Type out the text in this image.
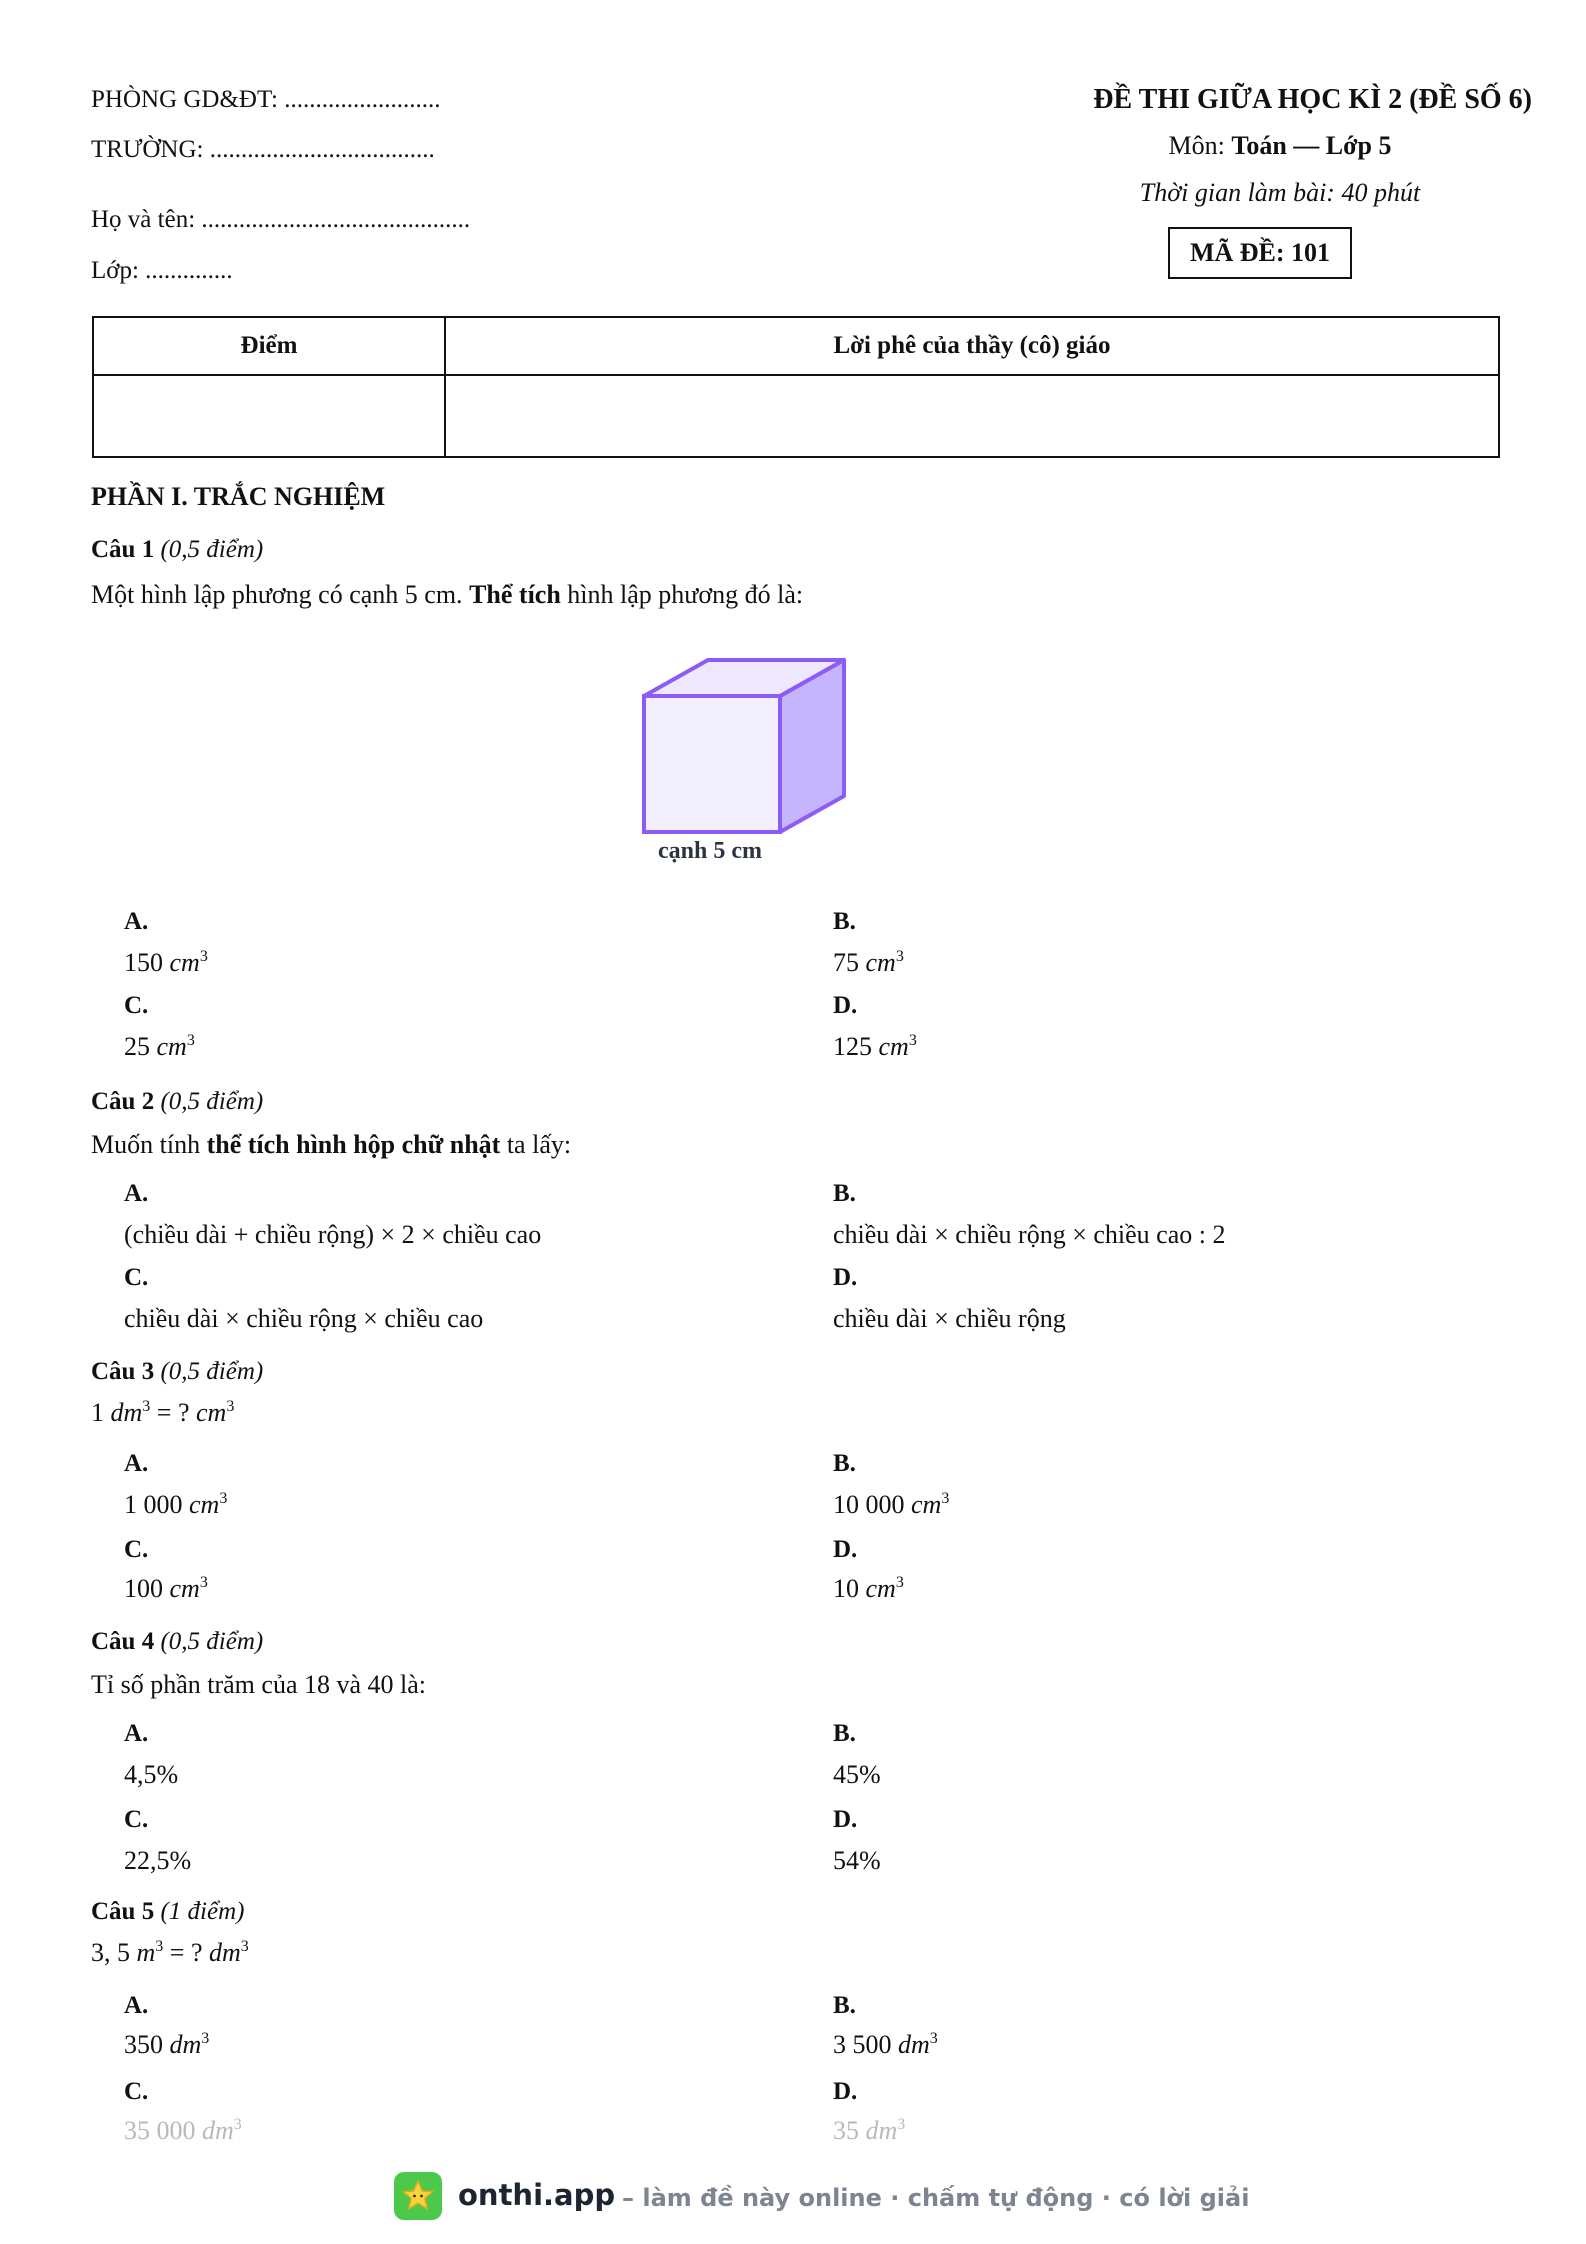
PHÒNG GD&ĐT: .........................
TRƯỜNG: ....................................
Họ và tên: ...........................................
Lớp: ..............
ĐỀ THI GIỮA HỌC KÌ 2 (ĐỀ SỐ 6)
Môn: Toán — Lớp 5
Thời gian làm bài: 40 phút
MÃ ĐỀ: 101
Điểm	Lời phê của thầy (cô) giáo

PHẦN I. TRẮC NGHIỆM
Câu 1 (0,5 điểm)
Một hình lập phương có cạnh 5 cm. Thể tích hình lập phương đó là:
cạnh 5 cm
A.
150 $cm^3$
B.
75 $cm^3$
C.
25 $cm^3$
D.
125 $cm^3$
Câu 2 (0,5 điểm)
Muốn tính thể tích hình hộp chữ nhật ta lấy:
A.
(chiều dài + chiều rộng) × 2 × chiều cao
B.
chiều dài × chiều rộng × chiều cao : 2
C.
chiều dài × chiều rộng × chiều cao
D.
chiều dài × chiều rộng
Câu 3 (0,5 điểm)
1 $dm^3$ = ? $cm^3$
A.
1 000 $cm^3$
B.
10 000 $cm^3$
C.
100 $cm^3$
D.
10 $cm^3$
Câu 4 (0,5 điểm)
Tỉ số phần trăm của 18 và 40 là:
A.
4,5%
B.
45%
C.
22,5%
D.
54%
Câu 5 (1 điểm)
3, 5 $m^3$ = ? $dm^3$
A.
350 $dm^3$
B.
3 500 $dm^3$
C.
35 000 $dm^3$
D.
35 $dm^3$
onthi.app – làm đề này online · chấm tự động · có lời giải
